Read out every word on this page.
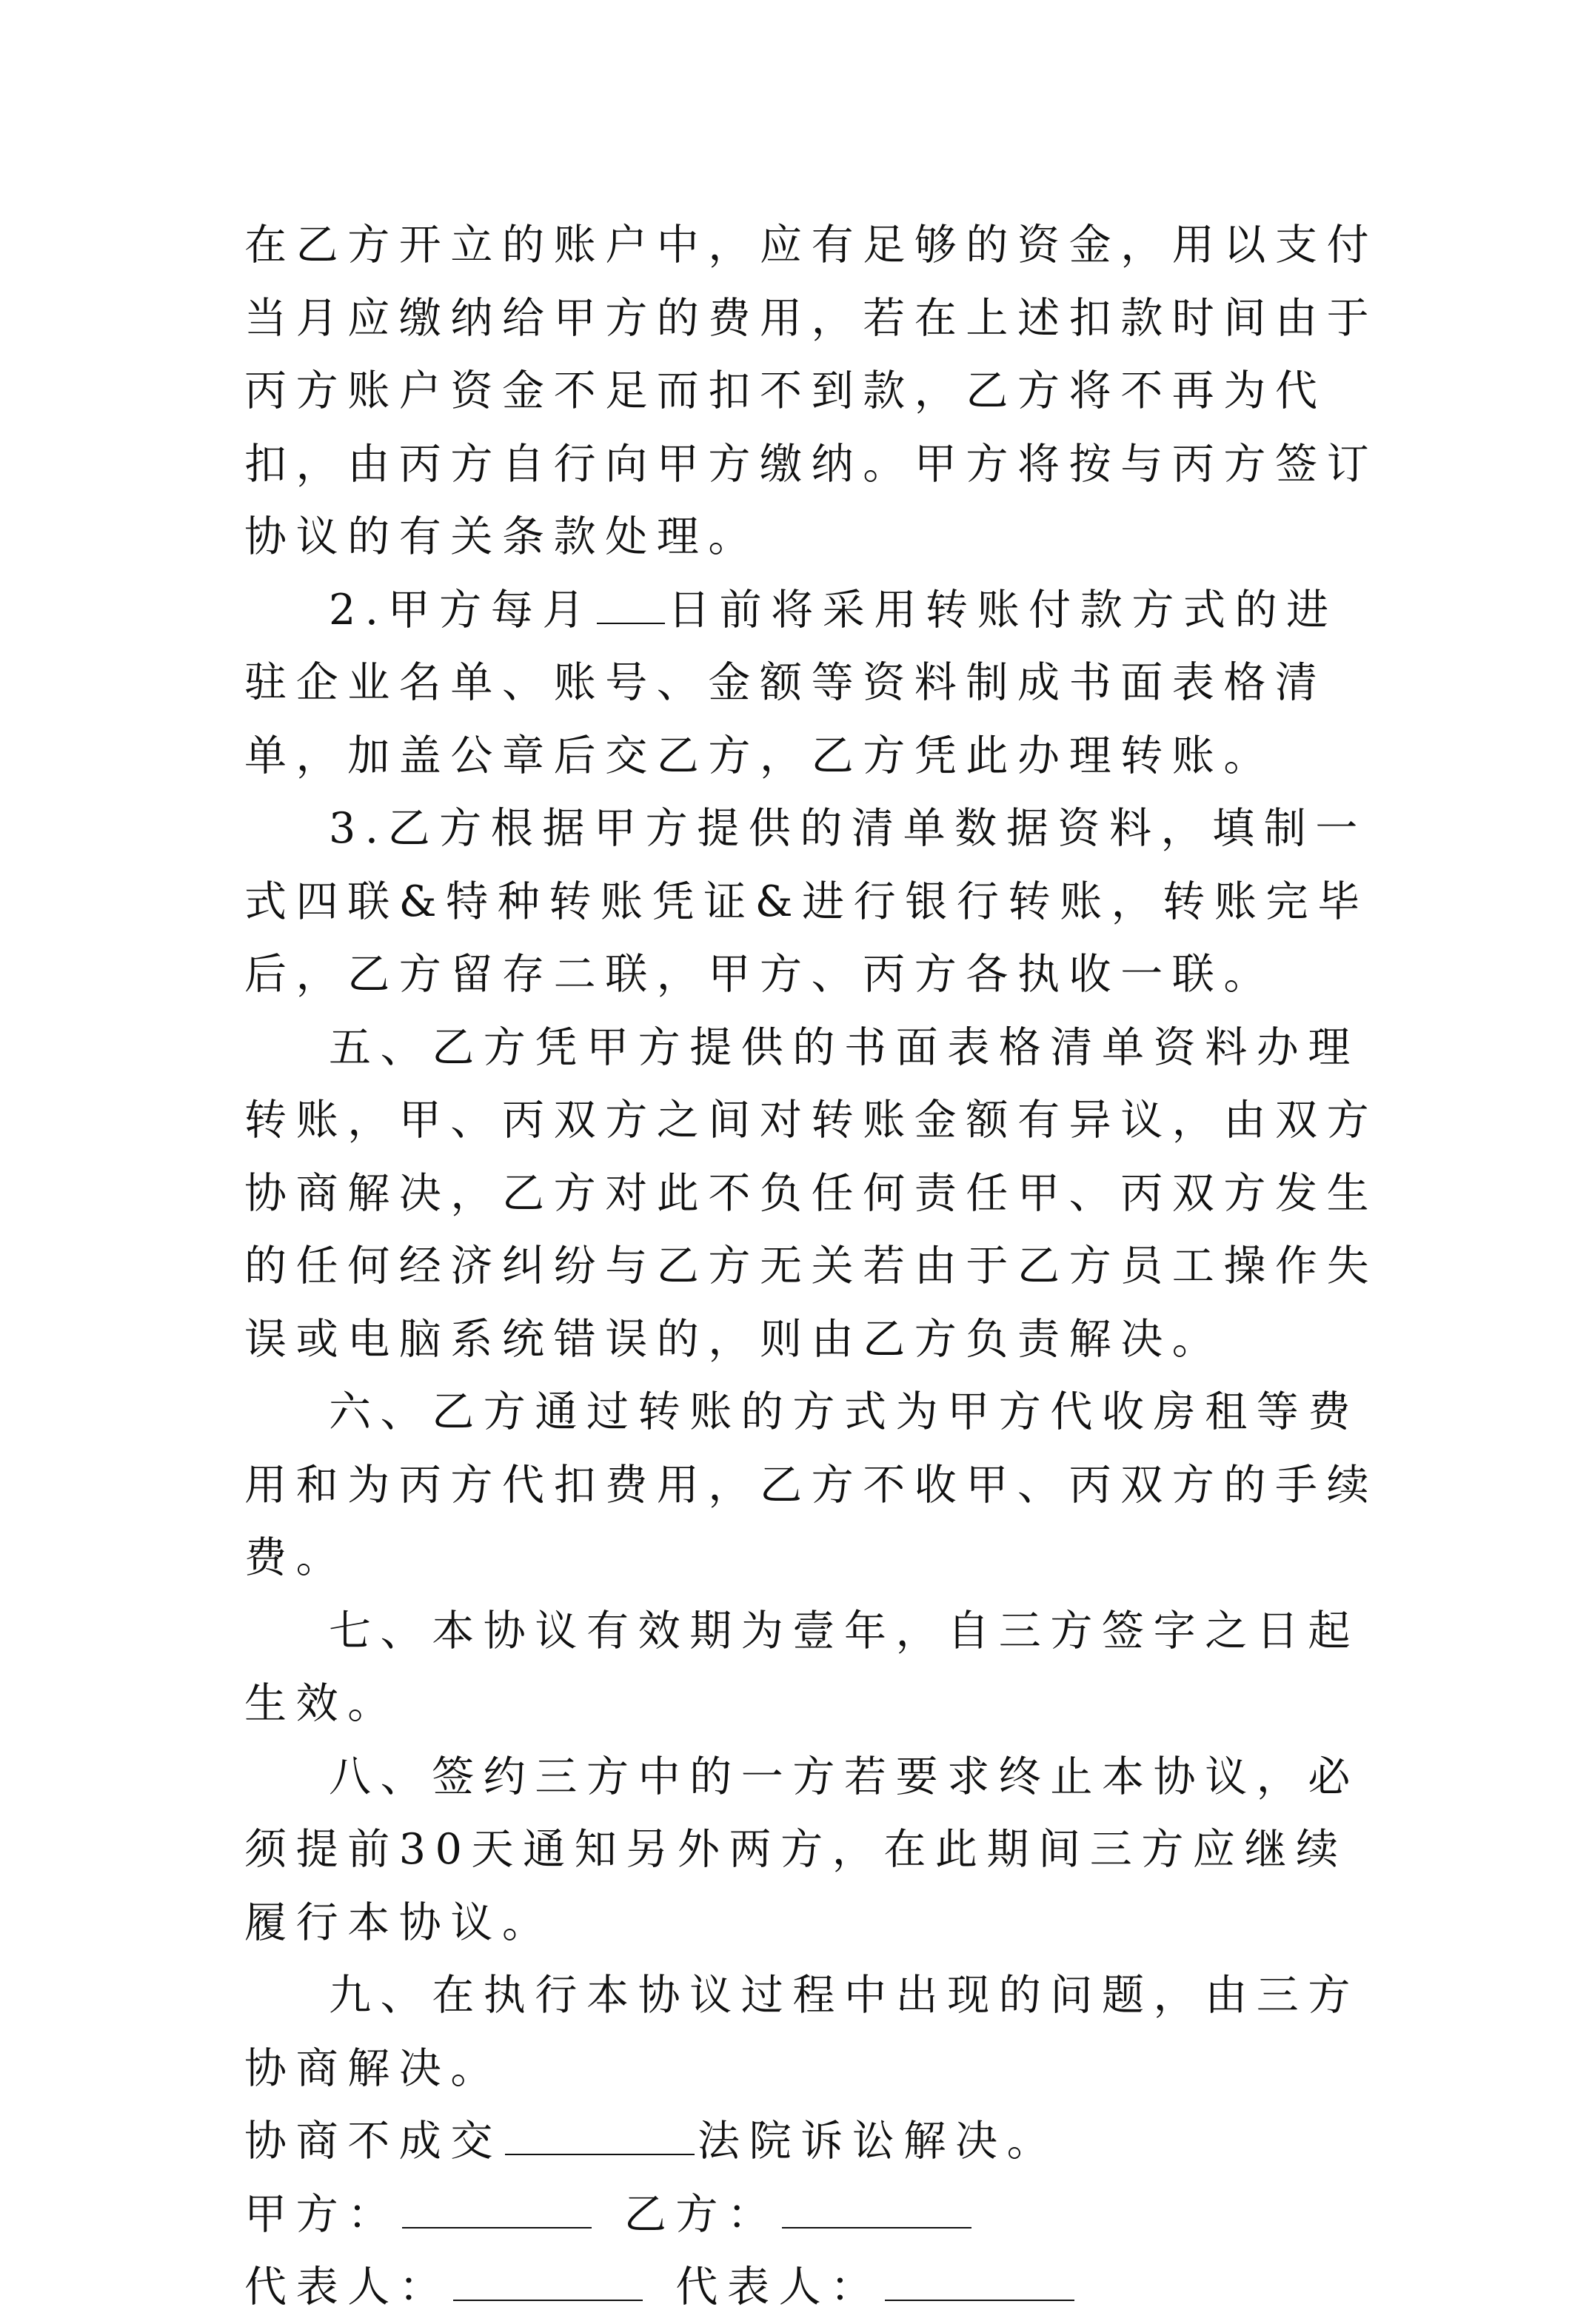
在乙方开立的账户中，应有足够的资金，用以支付当月应缴纳给甲方的费用，若在上述扣款时间由于丙方账户资金不足而扣不到款，乙方将不再为代扣，由丙方自行向甲方缴纳。甲方将按与丙方签订协议的有关条款处理。

2.甲方每月 日前将采用转账付款方式的进驻企业名单、账号、金额等资料制成书面表格清单，加盖公章后交乙方，乙方凭此办理转账。

3.乙方根据甲方提供的清单数据资料，填制一式四联&特种转账凭证&进行银行转账，转账完毕后，乙方留存二联，甲方、丙方各执收一联。

五、乙方凭甲方提供的书面表格清单资料办理转账，甲、丙双方之间对转账金额有异议，由双方协商解决，乙方对此不负任何责任甲、丙双方发生的任何经济纠纷与乙方无关若由于乙方员工操作失误或电脑系统错误的，则由乙方负责解决。

六、乙方通过转账的方式为甲方代收房租等费用和为丙方代扣费用，乙方不收甲、丙双方的手续费。

七、本协议有效期为壹年，自三方签字之日起生效。

八、签约三方中的一方若要求终止本协议，必须提前30天通知另外两方，在此期间三方应继续履行本协议。

九、在执行本协议过程中出现的问题，由三方协商解决。

协商不成交	法院诉讼解决。

甲方：	乙方：

代表人：	代表人：
